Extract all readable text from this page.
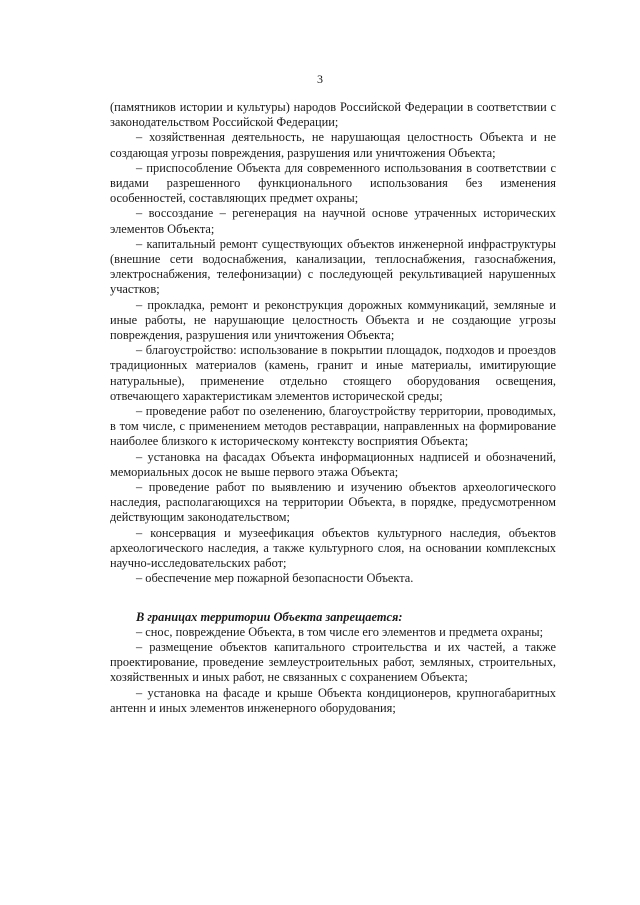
3

(памятников истории и культуры) народов Российской Федерации в соответствии с законодательством Российской Федерации;

– хозяйственная деятельность, не нарушающая целостность Объекта и не создающая угрозы повреждения, разрушения или уничтожения Объекта;

– приспособление Объекта для современного использования в соответствии с видами разрешенного функционального использования без изменения особенностей, составляющих предмет охраны;

– воссоздание – регенерация на научной основе утраченных исторических элементов Объекта;

– капитальный ремонт существующих объектов инженерной инфраструктуры (внешние сети водоснабжения, канализации, теплоснабжения, газоснабжения, электроснабжения, телефонизации) с последующей рекультивацией нарушенных участков;

– прокладка, ремонт и реконструкция дорожных коммуникаций, земляные и иные работы, не нарушающие целостность Объекта и не создающие угрозы повреждения, разрушения или уничтожения Объекта;

– благоустройство: использование в покрытии площадок, подходов и проездов традиционных материалов (камень, гранит и иные материалы, имитирующие натуральные), применение отдельно стоящего оборудования освещения, отвечающего характеристикам элементов исторической среды;

– проведение работ по озеленению, благоустройству территории, проводимых, в том числе, с применением методов реставрации, направленных на формирование наиболее близкого к историческому контексту восприятия Объекта;

– установка на фасадах Объекта информационных надписей и обозначений, мемориальных досок не выше первого этажа Объекта;

– проведение работ по выявлению и изучению объектов археологического наследия, располагающихся на территории Объекта, в порядке, предусмотренном действующим законодательством;

– консервация и музеефикация объектов культурного наследия, объектов археологического наследия, а также культурного слоя, на основании комплексных научно-исследовательских работ;

– обеспечение мер пожарной безопасности Объекта.

В границах территории Объекта запрещается:

– снос, повреждение Объекта, в том числе его элементов и предмета охраны;

– размещение объектов капитального строительства и их частей, а также проектирование, проведение землеустроительных работ, земляных, строительных, хозяйственных и иных работ, не связанных с сохранением Объекта;

– установка на фасаде и крыше Объекта кондиционеров, крупногабаритных антенн и иных элементов инженерного оборудования;
